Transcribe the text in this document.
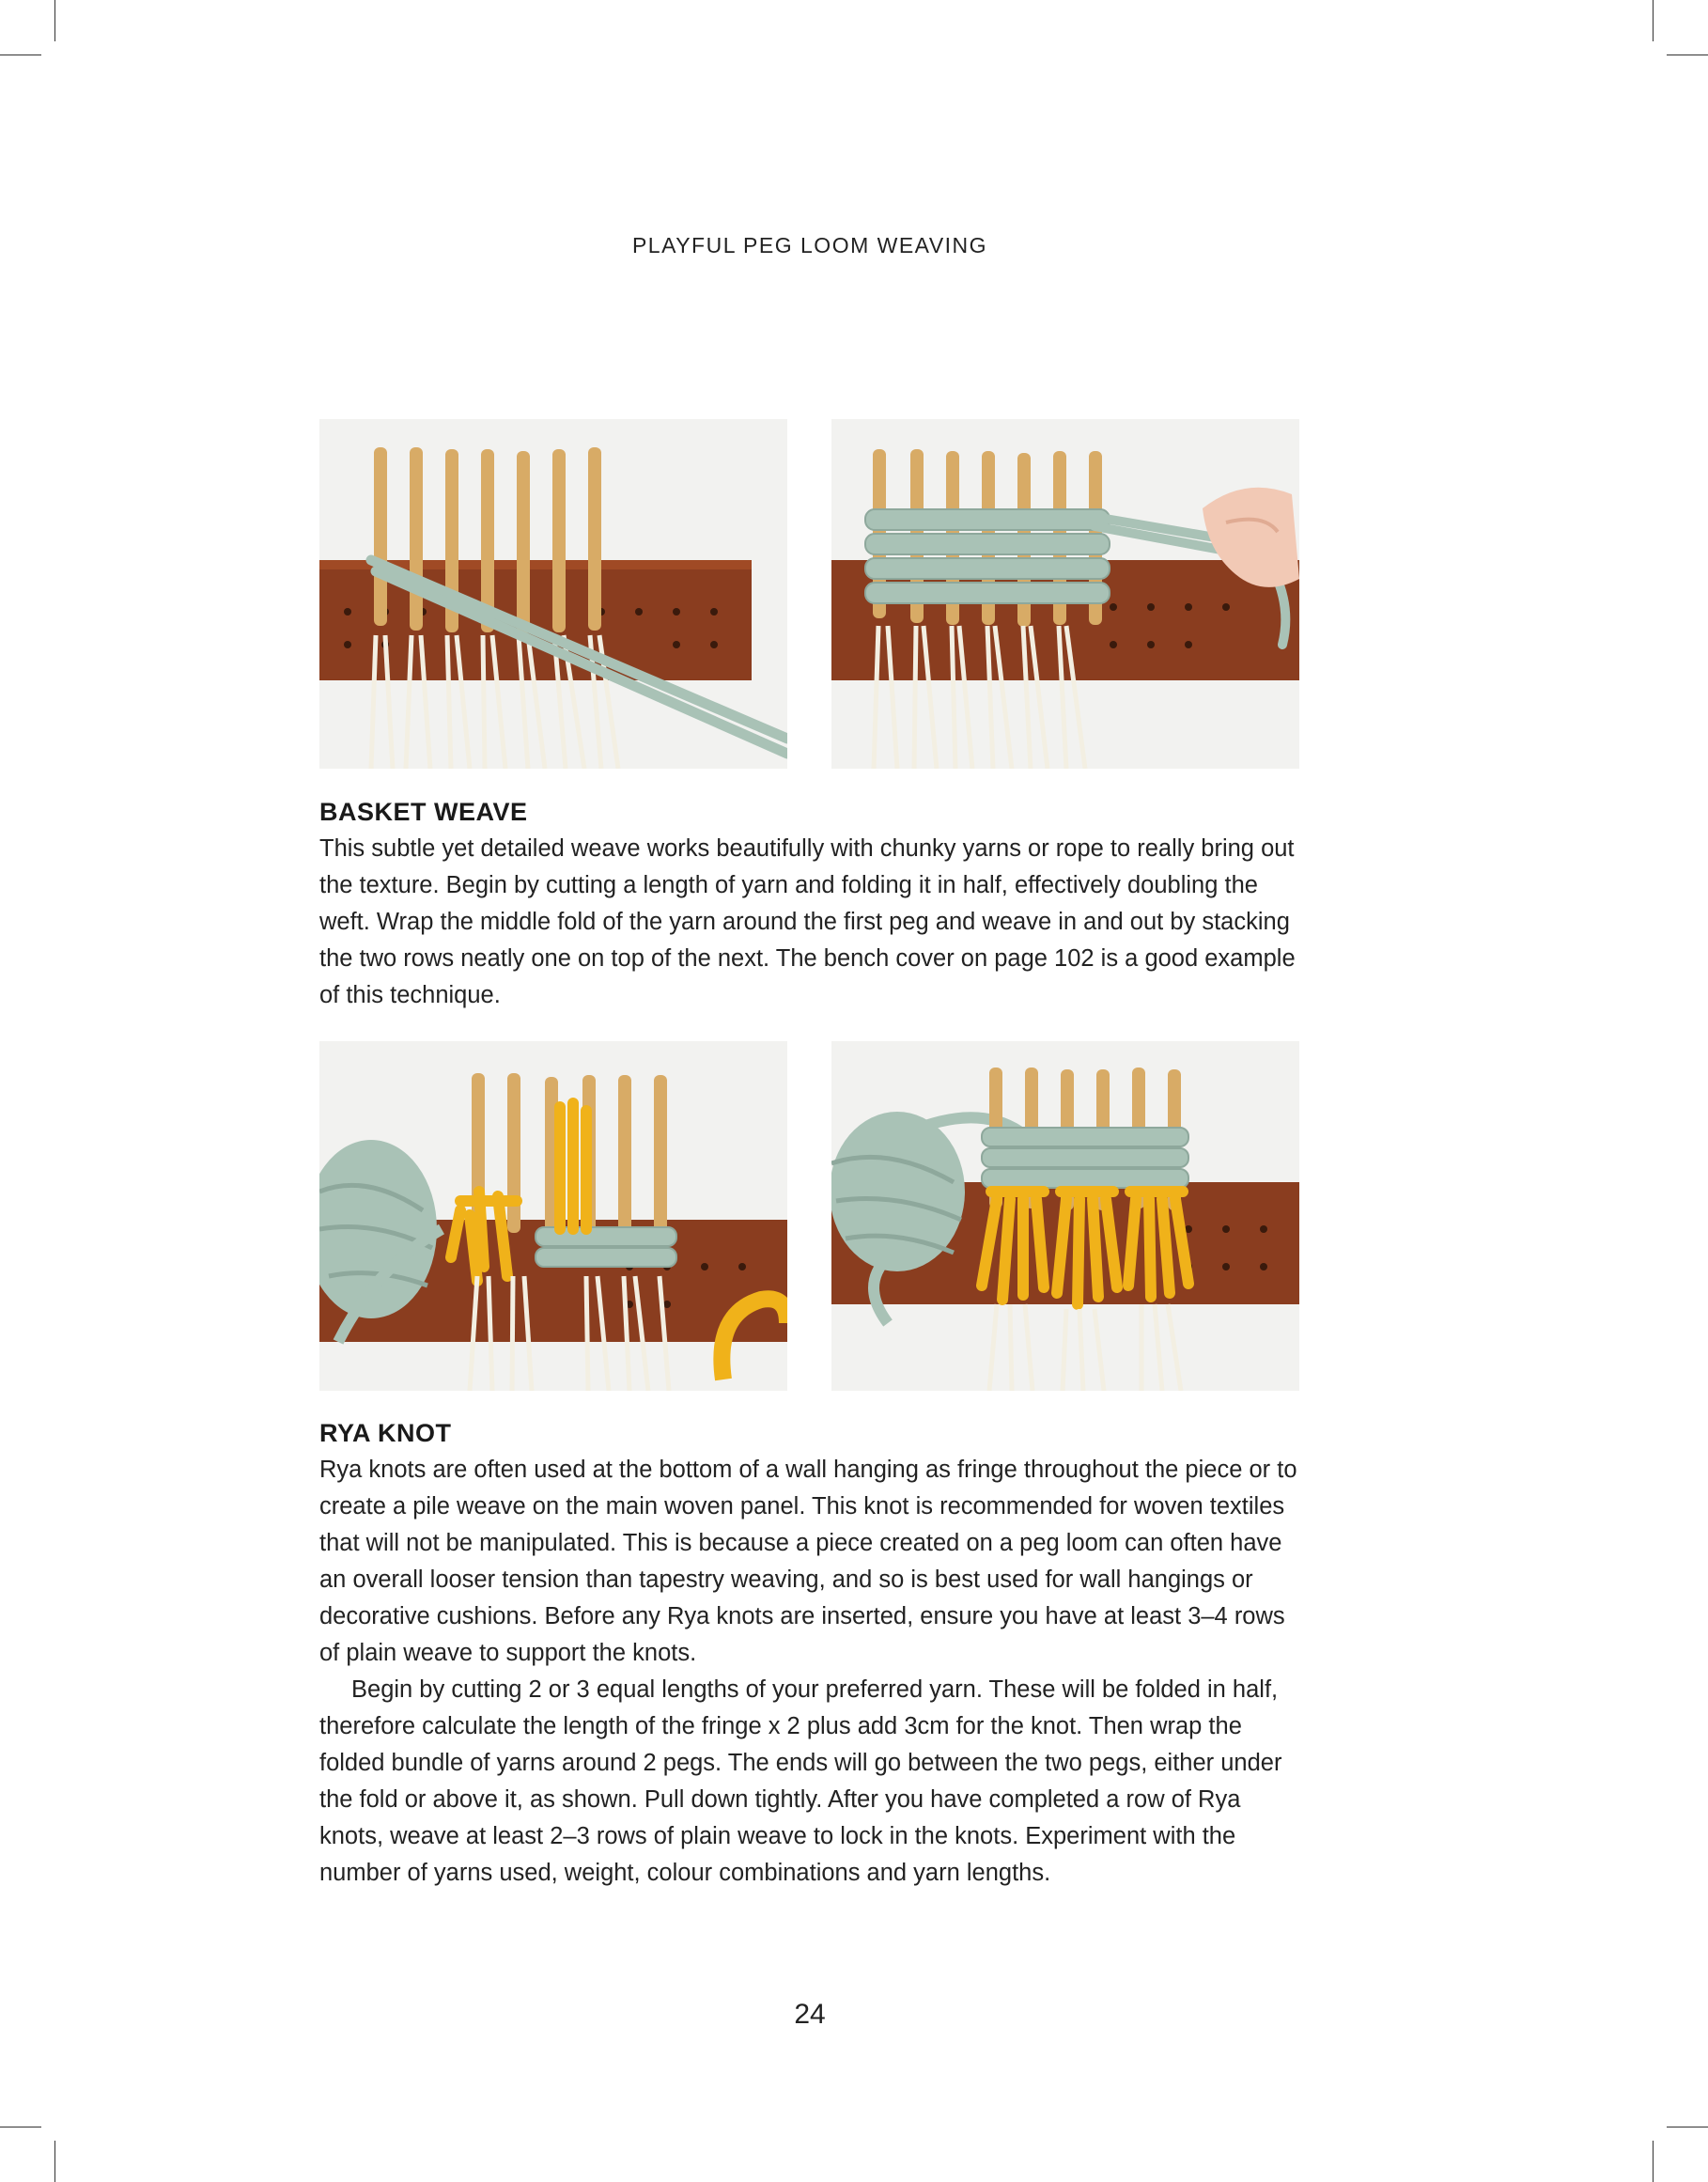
PLAYFUL PEG LOOM WEAVING
BASKET WEAVE

This subtle yet detailed weave works beautifully with chunky yarns or rope to really bring out the texture. Begin by cutting a length of yarn and folding it in half, effectively doubling the weft. Wrap the middle fold of the yarn around the first peg and weave in and out by stacking the two rows neatly one on top of the next. The bench cover on page 102 is a good example of this technique.

RYA KNOT

Rya knots are often used at the bottom of a wall hanging as fringe throughout the piece or to create a pile weave on the main woven panel. This knot is recommended for woven textiles that will not be manipulated. This is because a piece created on a peg loom can often have an overall looser tension than tapestry weaving, and so is best used for wall hangings or decorative cushions. Before any Rya knots are inserted, ensure you have at least 3–4 rows of plain weave to support the knots.

Begin by cutting 2 or 3 equal lengths of your preferred yarn. These will be folded in half, therefore calculate the length of the fringe x 2 plus add 3cm for the knot. Then wrap the folded bundle of yarns around 2 pegs. The ends will go between the two pegs, either under the fold or above it, as shown. Pull down tightly. After you have completed a row of Rya knots, weave at least 2–3 rows of plain weave to lock in the knots. Experiment with the number of yarns used, weight, colour combinations and yarn lengths.

24
